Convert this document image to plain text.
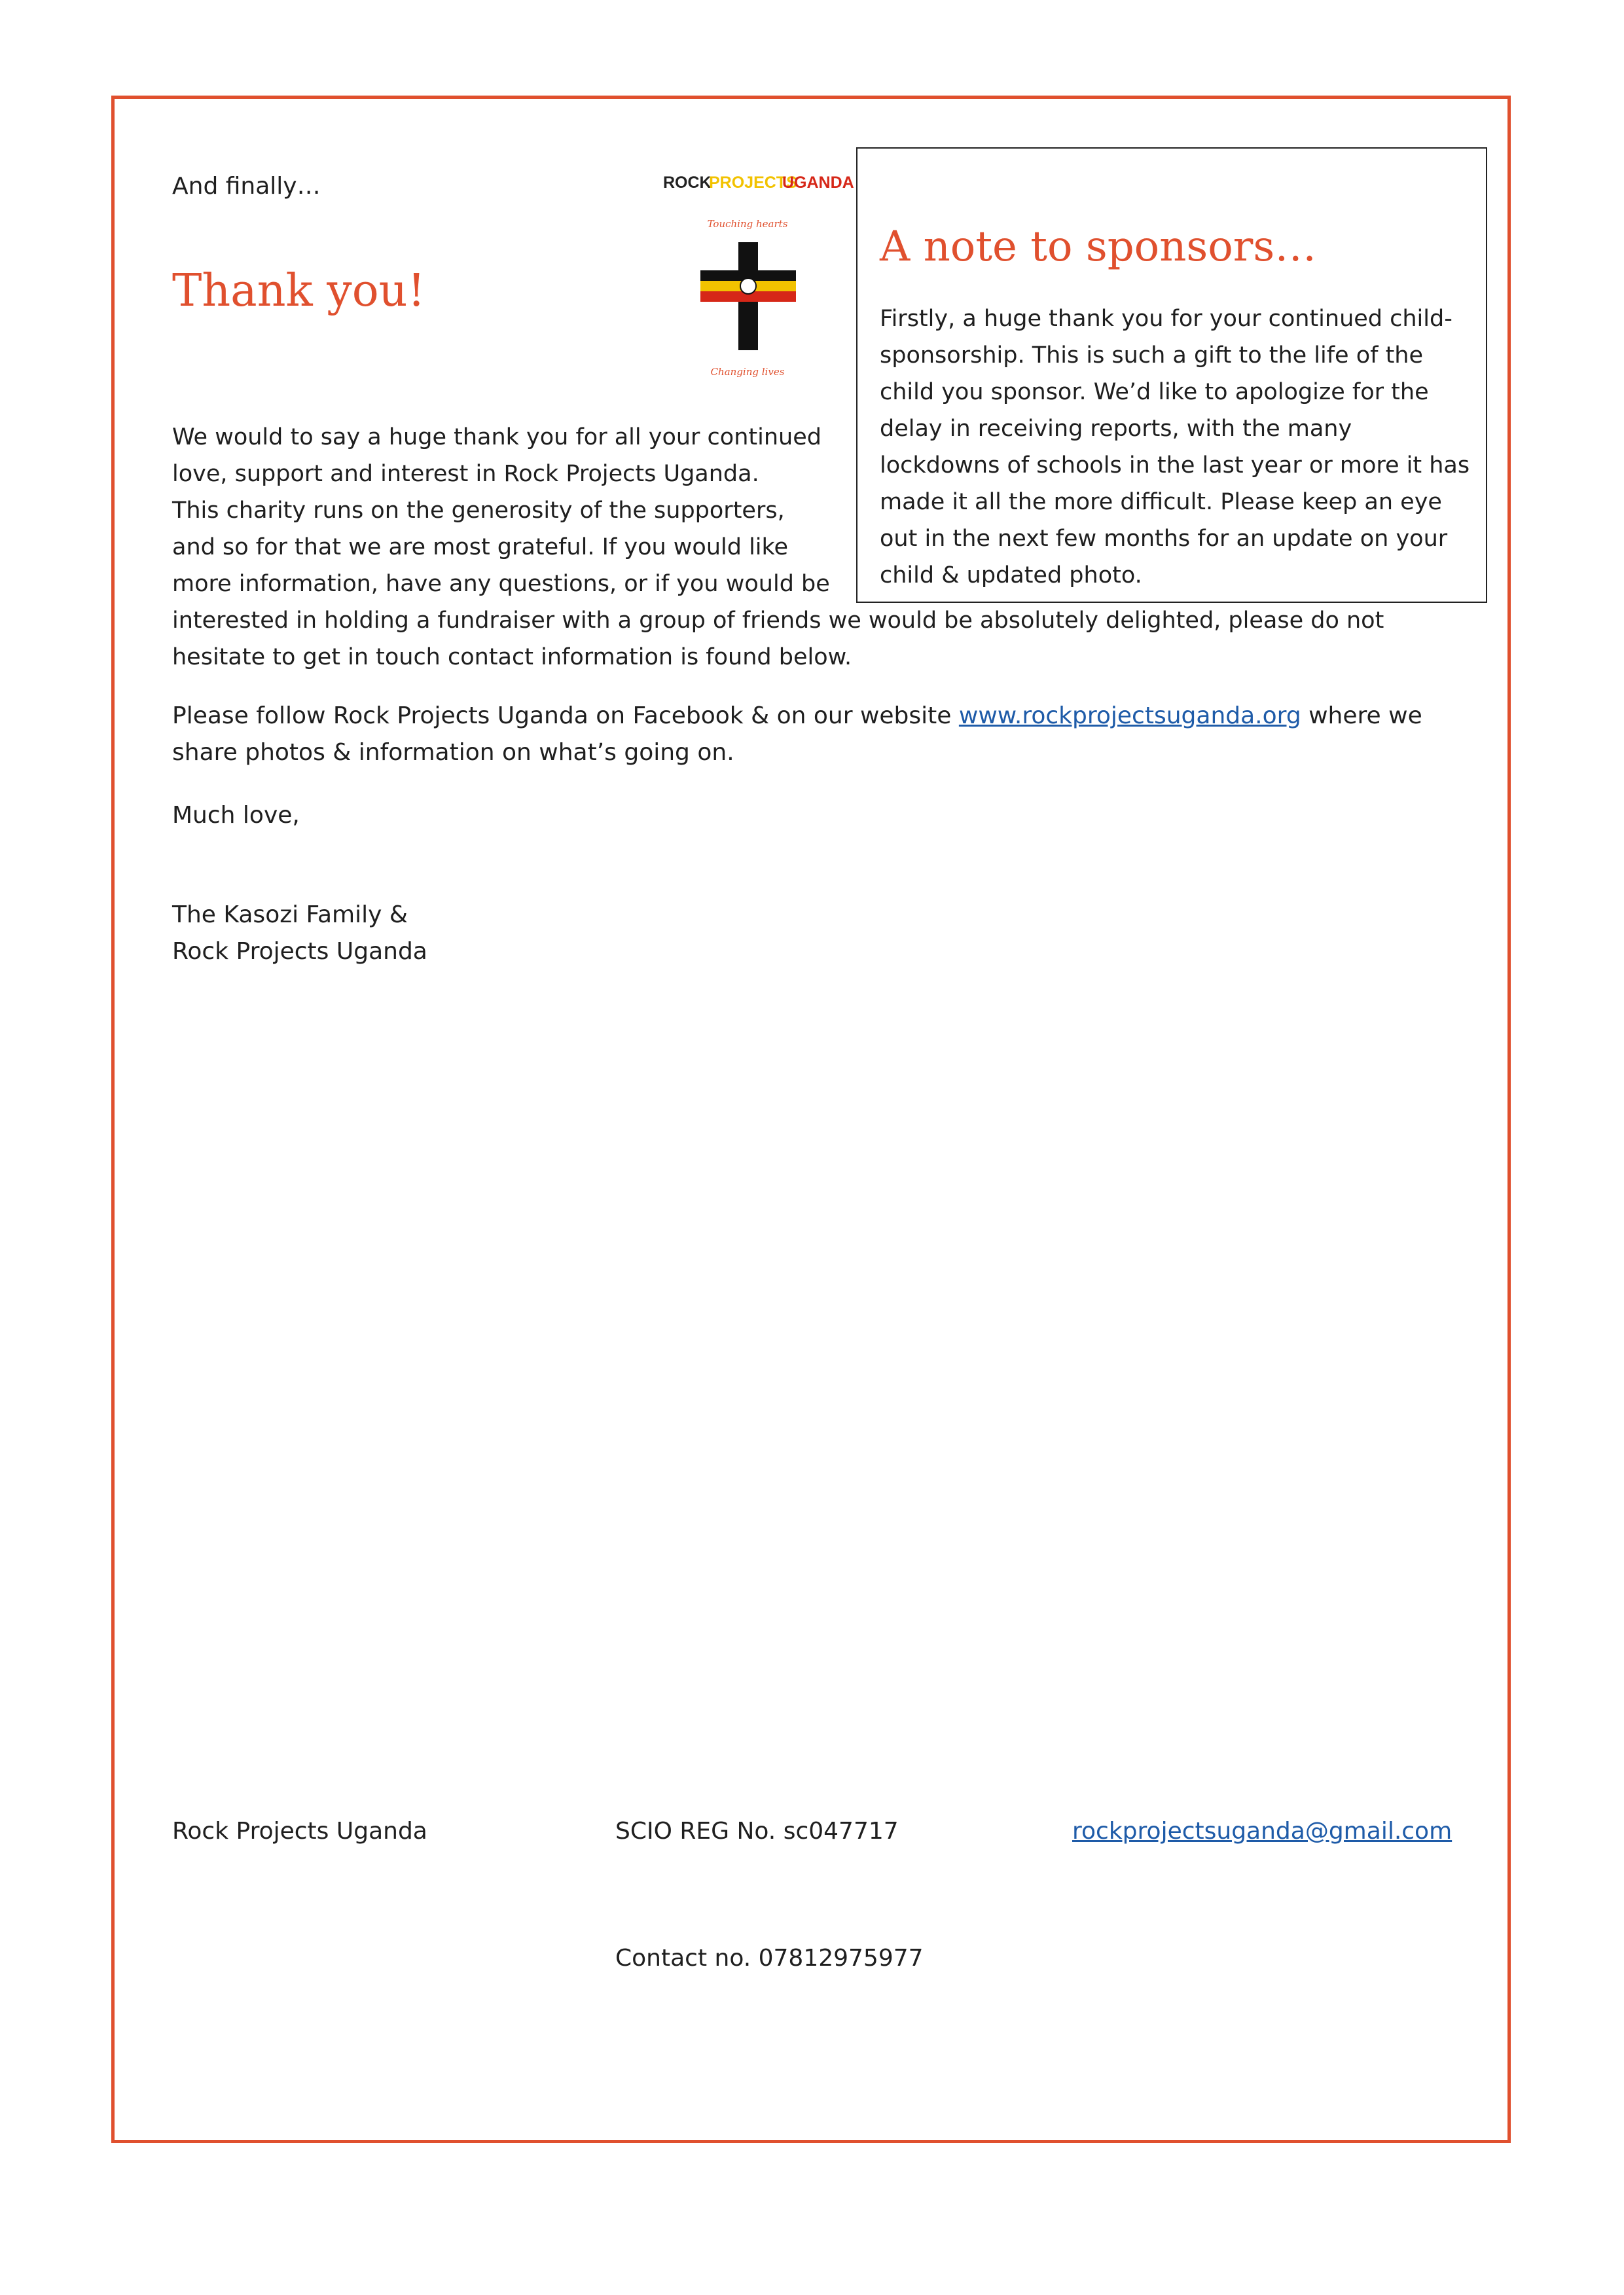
And finally…

Thank you!
ROCK
PROJECTS
UGANDA
Touching hearts
Changing lives
A note to sponsors…

Firstly, a huge thank you for your continued child-sponsorship. This is such a gift to the life of the child you sponsor. We’d like to apologize for the delay in receiving reports, with the many lockdowns of schools in the last year or more it has made it all the more difficult. Please keep an eye out in the next few months for an update on your child & updated photo.

We would to say a huge thank you for all your continued
love, support and interest in Rock Projects Uganda.
This charity runs on the generosity of the supporters,
and so for that we are most grateful. If you would like
more information, have any questions, or if you would be
interested in holding a fundraiser with a group of friends we would be absolutely delighted, please do not
hesitate to get in touch contact information is found below.

Please follow Rock Projects Uganda on Facebook & on our website www.rockprojectsuganda.org where we share photos & information on what’s going on.

Much love,

The Kasozi Family &
Rock Projects Uganda
Rock Projects Uganda	SCIO REG No. sc047717	rockprojectsuganda@gmail.com
Contact no. 07812975977
